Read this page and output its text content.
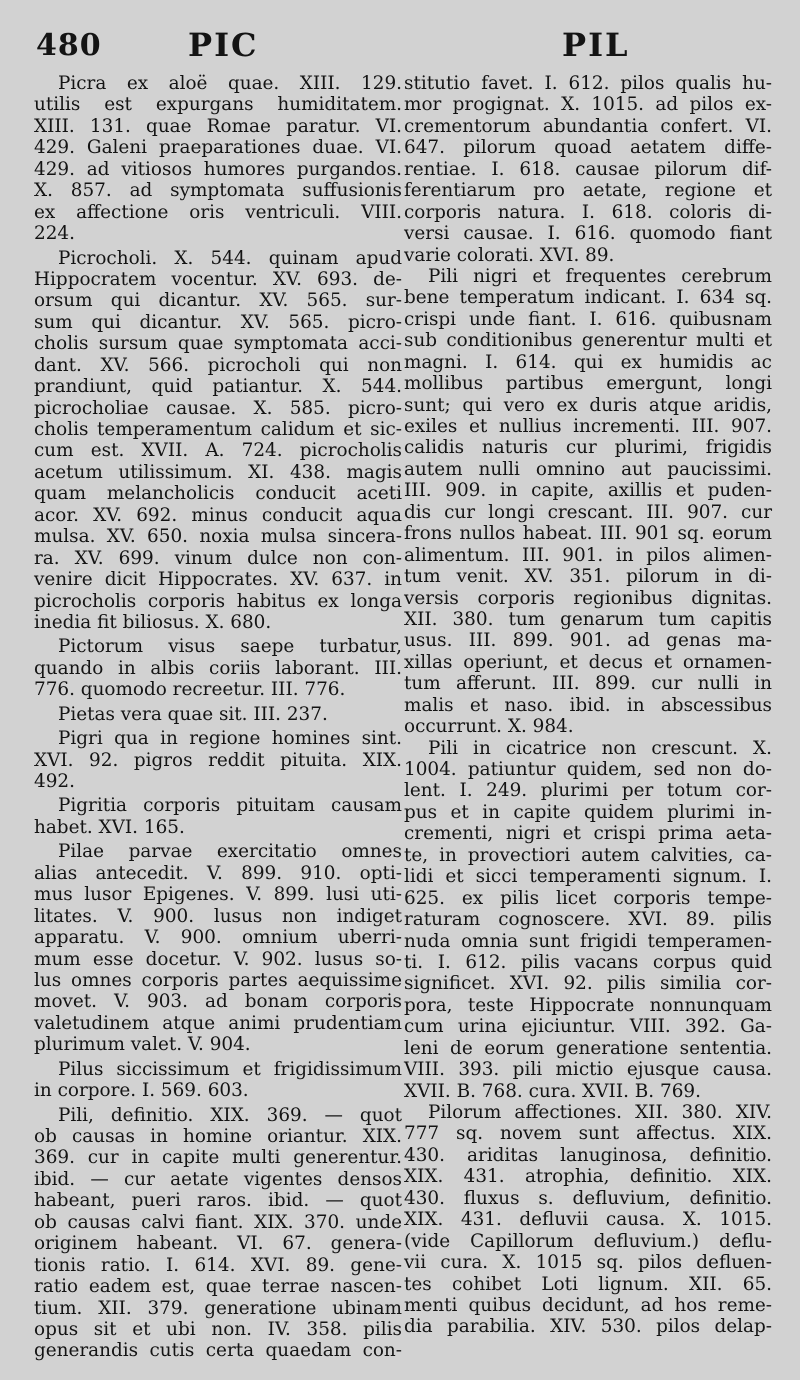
480	PIC	PIL
Picra ex aloë quae. XIII. 129.
utilis est expurgans humiditatem.
XIII. 131. quae Romae paratur. VI.
429. Galeni praeparationes duae. VI.
429. ad vitiosos humores purgandos.
X. 857. ad symptomata suffusionis
ex affectione oris ventriculi. VIII.
224.
Picrocholi. X. 544. quinam apud
Hippocratem vocentur. XV. 693. de-
orsum qui dicantur. XV. 565. sur-
sum qui dicantur. XV. 565. picro-
cholis sursum quae symptomata acci-
dant. XV. 566. picrocholi qui non
prandiunt, quid patiantur. X. 544.
picrocholiae causae. X. 585. picro-
cholis temperamentum calidum et sic-
cum est. XVII. A. 724. picrocholis
acetum utilissimum. XI. 438. magis
quam melancholicis conducit aceti
acor. XV. 692. minus conducit aqua
mulsa. XV. 650. noxia mulsa sincera-
ra. XV. 699. vinum dulce non con-
venire dicit Hippocrates. XV. 637. in
picrocholis corporis habitus ex longa
inedia fit biliosus. X. 680.
Pictorum visus saepe turbatur,
quando in albis coriis laborant. III.
776. quomodo recreetur. III. 776.
Pietas vera quae sit. III. 237.
Pigri qua in regione homines sint.
XVI. 92. pigros reddit pituita. XIX.
492.
Pigritia corporis pituitam causam
habet. XVI. 165.
Pilae parvae exercitatio omnes
alias antecedit. V. 899. 910. opti-
mus lusor Epigenes. V. 899. lusi uti-
litates. V. 900. lusus non indiget
apparatu. V. 900. omnium uberri-
mum esse docetur. V. 902. lusus so-
lus omnes corporis partes aequissime
movet. V. 903. ad bonam corporis
valetudinem atque animi prudentiam
plurimum valet. V. 904.
Pilus siccissimum et frigidissimum
in corpore. I. 569. 603.
Pili, definitio. XIX. 369. — quot
ob causas in homine oriantur. XIX.
369. cur in capite multi generentur.
ibid. — cur aetate vigentes densos
habeant, pueri raros. ibid. — quot
ob causas calvi fiant. XIX. 370. unde
originem habeant. VI. 67. genera-
tionis ratio. I. 614. XVI. 89. gene-
ratio eadem est, quae terrae nascen-
tium. XII. 379. generatione ubinam
opus sit et ubi non. IV. 358. pilis
generandis cutis certa quaedam con-
stitutio favet. I. 612. pilos qualis hu-
mor progignat. X. 1015. ad pilos ex-
crementorum abundantia confert. VI.
647. pilorum quoad aetatem diffe-
rentiae. I. 618. causae pilorum dif-
ferentiarum pro aetate, regione et
corporis natura. I. 618. coloris di-
versi causae. I. 616. quomodo fiant
varie colorati. XVI. 89.
Pili nigri et frequentes cerebrum
bene temperatum indicant. I. 634 sq.
crispi unde fiant. I. 616. quibusnam
sub conditionibus generentur multi et
magni. I. 614. qui ex humidis ac
mollibus partibus emergunt, longi
sunt; qui vero ex duris atque aridis,
exiles et nullius incrementi. III. 907.
calidis naturis cur plurimi, frigidis
autem nulli omnino aut paucissimi.
III. 909. in capite, axillis et puden-
dis cur longi crescant. III. 907. cur
frons nullos habeat. III. 901 sq. eorum
alimentum. III. 901. in pilos alimen-
tum venit. XV. 351. pilorum in di-
versis corporis regionibus dignitas.
XII. 380. tum genarum tum capitis
usus. III. 899. 901. ad genas ma-
xillas operiunt, et decus et ornamen-
tum afferunt. III. 899. cur nulli in
malis et naso. ibid. in abscessibus
occurrunt. X. 984.
Pili in cicatrice non crescunt. X.
1004. patiuntur quidem, sed non do-
lent. I. 249. plurimi per totum cor-
pus et in capite quidem plurimi in-
crementi, nigri et crispi prima aeta-
te, in provectiori autem calvities, ca-
lidi et sicci temperamenti signum. I.
625. ex pilis licet corporis tempe-
raturam cognoscere. XVI. 89. pilis
nuda omnia sunt frigidi temperamen-
ti. I. 612. pilis vacans corpus quid
significet. XVI. 92. pilis similia cor-
pora, teste Hippocrate nonnunquam
cum urina ejiciuntur. VIII. 392. Ga-
leni de eorum generatione sententia.
VIII. 393. pili mictio ejusque causa.
XVII. B. 768. cura. XVII. B. 769.
Pilorum affectiones. XII. 380. XIV.
777 sq. novem sunt affectus. XIX.
430. ariditas lanuginosa, definitio.
XIX. 431. atrophia, definitio. XIX.
430. fluxus s. defluvium, definitio.
XIX. 431. defluvii causa. X. 1015.
(vide Capillorum defluvium.) deflu-
vii cura. X. 1015 sq. pilos defluen-
tes cohibet Loti lignum. XII. 65.
menti quibus decidunt, ad hos reme-
dia parabilia. XIV. 530. pilos delap-
